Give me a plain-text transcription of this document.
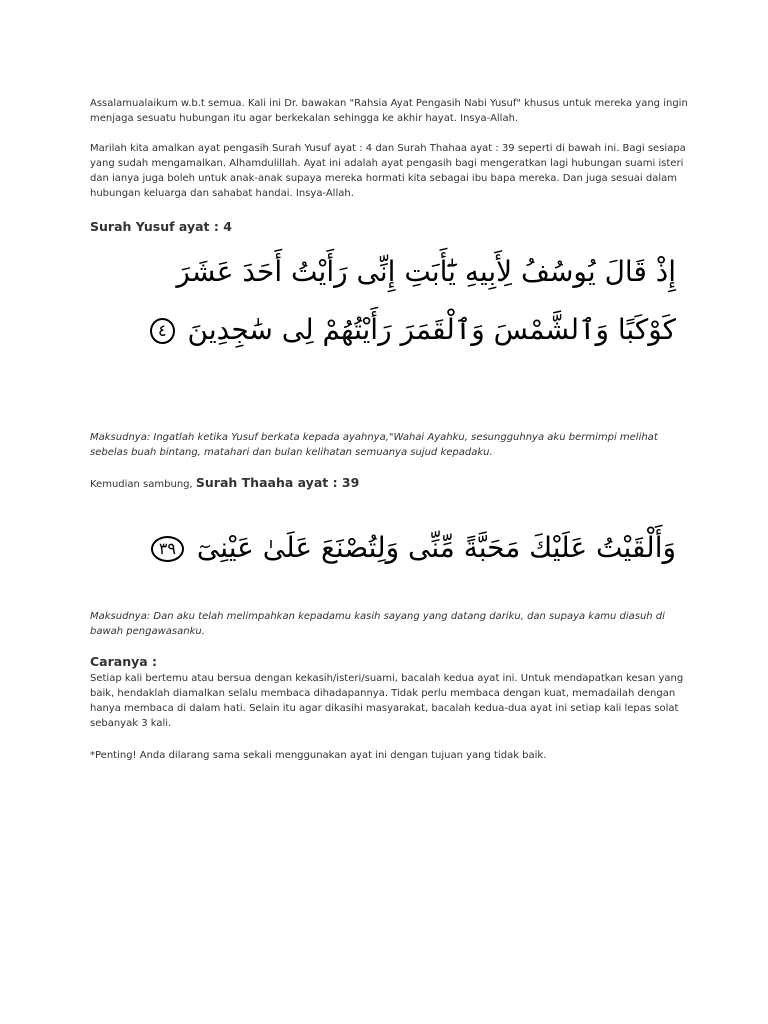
Assalamualaikum w.b.t semua. Kali ini Dr. bawakan "Rahsia Ayat Pengasih Nabi Yusuf" khusus untuk mereka yang ingin menjaga sesuatu hubungan itu agar berkekalan sehingga ke akhir hayat. Insya-Allah.
Marilah kita amalkan ayat pengasih Surah Yusuf ayat : 4 dan Surah Thahaa ayat : 39 seperti di bawah ini. Bagi sesiapa yang sudah mengamalkan. Alhamdulillah. Ayat ini adalah ayat pengasih bagi mengeratkan lagi hubungan suami isteri dan ianya juga boleh untuk anak-anak supaya mereka hormati kita sebagai ibu bapa mereka. Dan juga sesuai dalam hubungan keluarga dan sahabat handai. Insya-Allah.
Surah Yusuf ayat : 4
إِذْ قَالَ يُوسُفُ لِأَبِيهِ يَٰٓأَبَتِ إِنِّى رَأَيْتُ أَحَدَ عَشَرَ
كَوْكَبًا وَٱلشَّمْسَ وَٱلْقَمَرَ رَأَيْتُهُمْ لِى سَٰجِدِينَ ٤
Maksudnya: Ingatlah ketika Yusuf berkata kepada ayahnya,"Wahai Ayahku, sesungguhnya aku bermimpi melihat sebelas buah bintang, matahari dan bulan kelihatan semuanya sujud kepadaku.
Kemudian sambung, Surah Thaaha ayat : 39
وَأَلْقَيْتُ عَلَيْكَ مَحَبَّةً مِّنِّى وَلِتُصْنَعَ عَلَىٰ عَيْنِىٓ ٣٩
Maksudnya: Dan aku telah melimpahkan kepadamu kasih sayang yang datang dariku, dan supaya kamu diasuh di bawah pengawasanku.
Caranya :
Setiap kali bertemu atau bersua dengan kekasih/isteri/suami, bacalah kedua ayat ini. Untuk mendapatkan kesan yang baik, hendaklah diamalkan selalu membaca dihadapannya. Tidak perlu membaca dengan kuat, memadailah dengan hanya membaca di dalam hati. Selain itu agar dikasihi masyarakat, bacalah kedua-dua ayat ini setiap kali lepas solat sebanyak 3 kali.
*Penting! Anda dilarang sama sekali menggunakan ayat ini dengan tujuan yang tidak baik.
